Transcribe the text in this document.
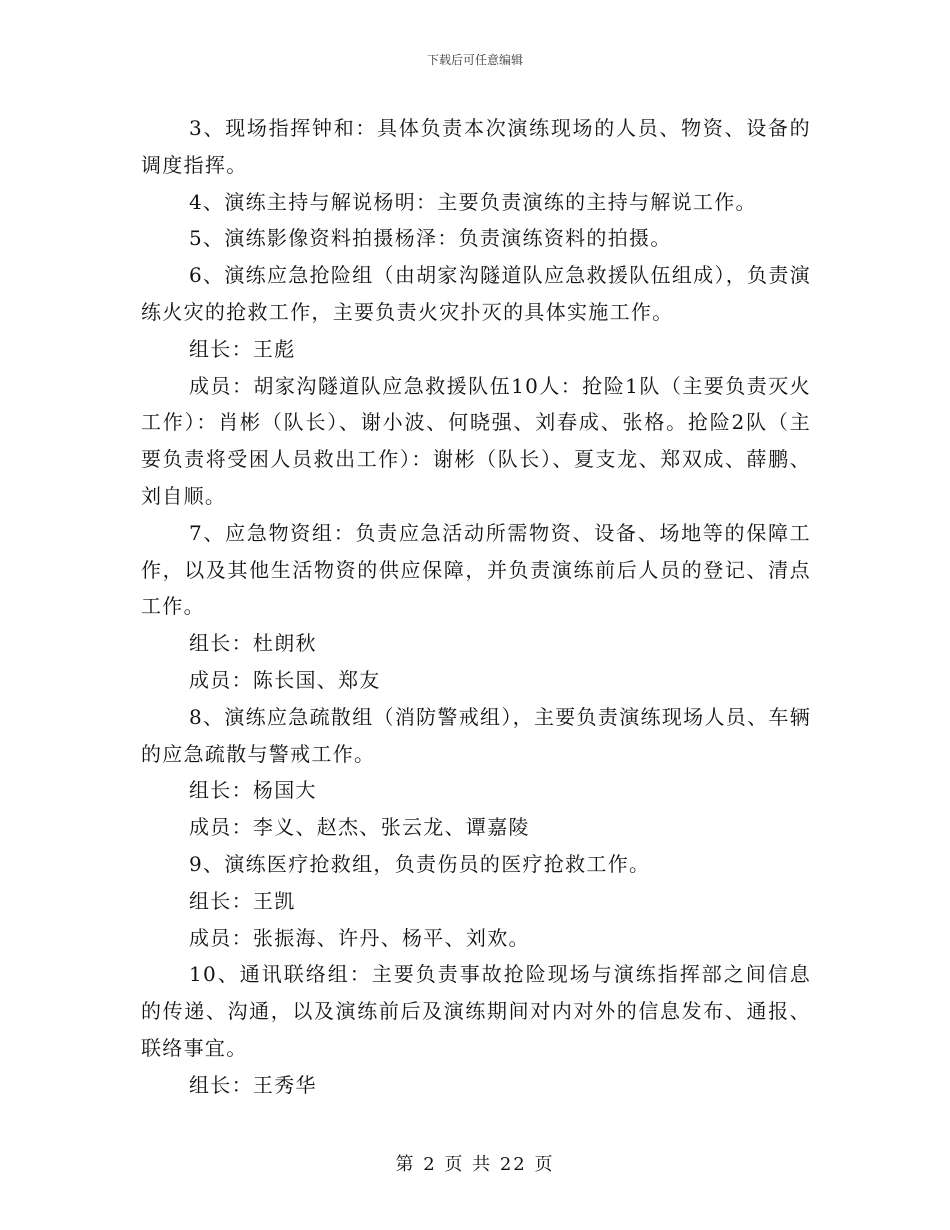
下载后可任意编辑

3、现场指挥钟和：具体负责本次演练现场的人员、物资、设备的调度指挥。

4、演练主持与解说杨明：主要负责演练的主持与解说工作。

5、演练影像资料拍摄杨泽：负责演练资料的拍摄。

6、演练应急抢险组（由胡家沟隧道队应急救援队伍组成），负责演练火灾的抢救工作，主要负责火灾扑灭的具体实施工作。

组长：王彪

成员：胡家沟隧道队应急救援队伍10人：抢险1队（主要负责灭火工作）：肖彬（队长）、谢小波、何晓强、刘春成、张格。抢险2队（主要负责将受困人员救出工作）：谢彬（队长）、夏支龙、郑双成、薛鹏、刘自顺。

7、应急物资组：负责应急活动所需物资、设备、场地等的保障工作，以及其他生活物资的供应保障，并负责演练前后人员的登记、清点工作。

组长：杜朗秋

成员：陈长国、郑友

8、演练应急疏散组（消防警戒组），主要负责演练现场人员、车辆的应急疏散与警戒工作。

组长：杨国大

成员：李义、赵杰、张云龙、谭嘉陵

9、演练医疗抢救组，负责伤员的医疗抢救工作。

组长：王凯

成员：张振海、许丹、杨平、刘欢。

10、通讯联络组：主要负责事故抢险现场与演练指挥部之间信息的传递、沟通，以及演练前后及演练期间对内对外的信息发布、通报、联络事宜。

组长：王秀华

第 2 页 共 22 页
